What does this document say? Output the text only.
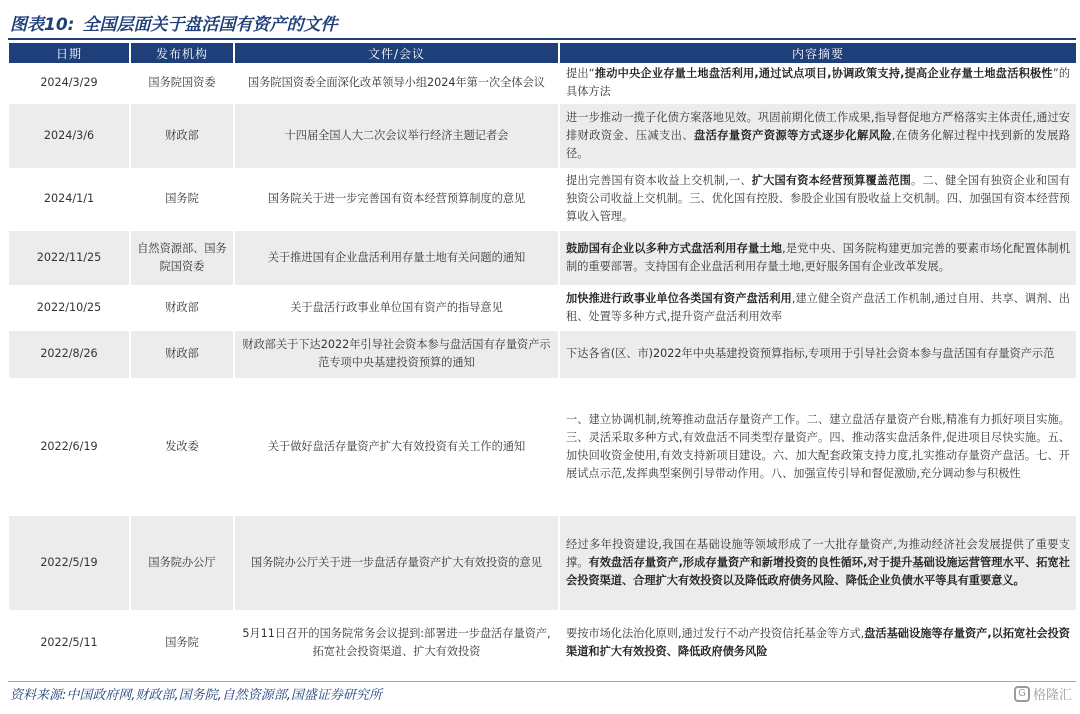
图表10: 全国层面关于盘活国有资产的文件
日期	发布机构	文件/会议	内容摘要
2024/3/29	国务院国资委	国务院国资委全面深化改革领导小组2024年第一次全体会议	提出“推动中央企业存量土地盘活利用,通过试点项目,协调政策支持,提高企业存量土地盘活积极性”的具体方法
2024/3/6	财政部	十四届全国人大二次会议举行经济主题记者会	进一步推动一揽子化债方案落地见效。巩固前期化债工作成果,指导督促地方严格落实主体责任,通过安排财政资金、压减支出、盘活存量资产资源等方式逐步化解风险,在债务化解过程中找到新的发展路径。
2024/1/1	国务院	国务院关于进一步完善国有资本经营预算制度的意见	提出完善国有资本收益上交机制,一、扩大国有资本经营预算覆盖范围。二、健全国有独资企业和国有独资公司收益上交机制。三、优化国有控股、参股企业国有股收益上交机制。四、加强国有资本经营预算收入管理。
2022/11/25	自然资源部、国务院国资委	关于推进国有企业盘活利用存量土地有关问题的通知	鼓励国有企业以多种方式盘活利用存量土地,是党中央、国务院构建更加完善的要素市场化配置体制机制的重要部署。支持国有企业盘活利用存量土地,更好服务国有企业改革发展。
2022/10/25	财政部	关于盘活行政事业单位国有资产的指导意见	加快推进行政事业单位各类国有资产盘活利用,建立健全资产盘活工作机制,通过自用、共享、调剂、出租、处置等多种方式,提升资产盘活利用效率
2022/8/26	财政部	财政部关于下达2022年引导社会资本参与盘活国有存量资产示范专项中央基建投资预算的通知	下达各省(区、市)2022年中央基建投资预算指标,专项用于引导社会资本参与盘活国有存量资产示范
2022/6/19	发改委	关于做好盘活存量资产扩大有效投资有关工作的通知	一、建立协调机制,统筹推动盘活存量资产工作。二、建立盘活存量资产台账,精准有力抓好项目实施。三、灵活采取多种方式,有效盘活不同类型存量资产。四、推动落实盘活条件,促进项目尽快实施。五、加快回收资金使用,有效支持新项目建设。六、加大配套政策支持力度,扎实推动存量资产盘活。七、开展试点示范,发挥典型案例引导带动作用。八、加强宣传引导和督促激励,充分调动参与积极性
2022/5/19	国务院办公厅	国务院办公厅关于进一步盘活存量资产扩大有效投资的意见	经过多年投资建设,我国在基础设施等领域形成了一大批存量资产,为推动经济社会发展提供了重要支撑。有效盘活存量资产,形成存量资产和新增投资的良性循环,对于提升基础设施运营管理水平、拓宽社会投资渠道、合理扩大有效投资以及降低政府债务风险、降低企业负债水平等具有重要意义。
2022/5/11	国务院	5月11日召开的国务院常务会议提到:部署进一步盘活存量资产,拓宽社会投资渠道、扩大有效投资	要按市场化法治化原则,通过发行不动产投资信托基金等方式,盘活基础设施等存量资产,以拓宽社会投资渠道和扩大有效投资、降低政府债务风险
资料来源:中国政府网,财政部,国务院,自然资源部,国盛证券研究所	G 格隆汇
